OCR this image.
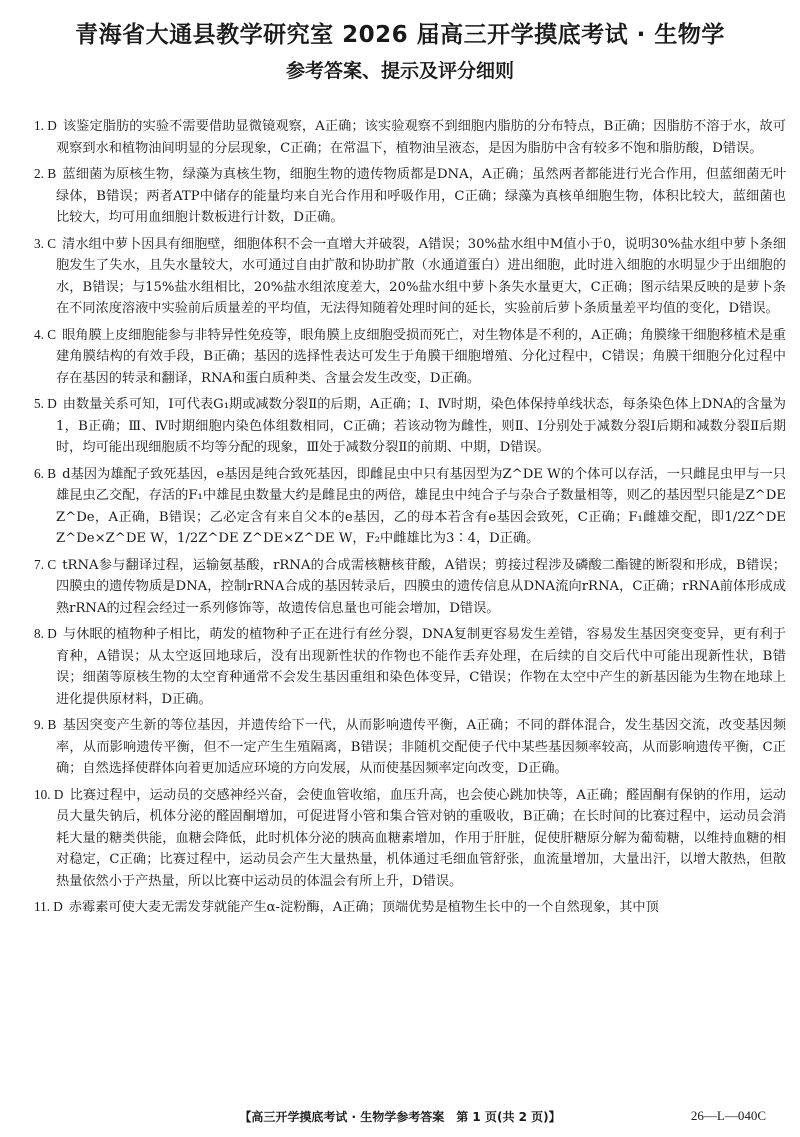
青海省大通县教学研究室 2026 届高三开学摸底考试 · 生物学
参考答案、提示及评分细则

1. D 该鉴定脂肪的实验不需要借助显微镜观察，A正确；该实验观察不到细胞内脂肪的分布特点，B正确；因脂肪不溶于水，故可观察到水和植物油间明显的分层现象，C正确；在常温下，植物油呈液态，是因为脂肪中含有较多不饱和脂肪酸，D错误。

2. B 蓝细菌为原核生物，绿藻为真核生物，细胞生物的遗传物质都是DNA，A正确；虽然两者都能进行光合作用，但蓝细菌无叶绿体，B错误；两者ATP中储存的能量均来自光合作用和呼吸作用，C正确；绿藻为真核单细胞生物，体积比较大，蓝细菌也比较大，均可用血细胞计数板进行计数，D正确。

3. C 清水组中萝卜因具有细胞壁，细胞体积不会一直增大并破裂，A错误；30%盐水组中M值小于0，说明30%盐水组中萝卜条细胞发生了失水，且失水量较大，水可通过自由扩散和协助扩散（水通道蛋白）进出细胞，此时进入细胞的水明显少于出细胞的水，B错误；与15%盐水组相比，20%盐水组浓度差大，20%盐水组中萝卜条失水量更大，C正确；图示结果反映的是萝卜条在不同浓度溶液中实验前后质量差的平均值，无法得知随着处理时间的延长，实验前后萝卜条质量差平均值的变化，D错误。

4. C 眼角膜上皮细胞能参与非特异性免疫等，眼角膜上皮细胞受损而死亡，对生物体是不利的，A正确；角膜缘干细胞移植术是重建角膜结构的有效手段，B正确；基因的选择性表达可发生于角膜干细胞增殖、分化过程中，C错误；角膜干细胞分化过程中存在基因的转录和翻译，RNA和蛋白质种类、含量会发生改变，D正确。

5. D 由数量关系可知，Ⅰ可代表G₁期或减数分裂Ⅱ的后期，A正确；Ⅰ、Ⅳ时期，染色体保持单线状态，每条染色体上DNA的含量为1，B正确；Ⅲ、Ⅳ时期细胞内染色体组数相同，C正确；若该动物为雌性，则Ⅱ、Ⅰ分别处于减数分裂Ⅰ后期和减数分裂Ⅱ后期时，均可能出现细胞质不均等分配的现象，Ⅲ处于减数分裂Ⅱ的前期、中期，D错误。

6. B d基因为雄配子致死基因，e基因是纯合致死基因，即雌昆虫中只有基因型为Z^DE W的个体可以存活，一只雌昆虫甲与一只雄昆虫乙交配，存活的F₁中雄昆虫数量大约是雌昆虫的两倍，雄昆虫中纯合子与杂合子数量相等，则乙的基因型只能是Z^DE Z^De，A正确，B错误；乙必定含有来自父本的e基因，乙的母本若含有e基因会致死，C正确；F₁雌雄交配，即1/2Z^DE Z^De×Z^DE W，1/2Z^DE Z^DE×Z^DE W，F₂中雌雄比为3∶4，D正确。

7. C tRNA参与翻译过程，运输氨基酸，rRNA的合成需核糖核苷酸，A错误；剪接过程涉及磷酸二酯键的断裂和形成，B错误；四膜虫的遗传物质是DNA，控制rRNA合成的基因转录后，四膜虫的遗传信息从DNA流向rRNA，C正确；rRNA前体形成成熟rRNA的过程会经过一系列修饰等，故遗传信息量也可能会增加，D错误。

8. D 与休眠的植物种子相比，萌发的植物种子正在进行有丝分裂，DNA复制更容易发生差错，容易发生基因突变变异，更有利于育种，A错误；从太空返回地球后，没有出现新性状的作物也不能作丢弃处理，在后续的自交后代中可能出现新性状，B错误；细菌等原核生物的太空育种通常不会发生基因重组和染色体变异，C错误；作物在太空中产生的新基因能为生物在地球上进化提供原材料，D正确。

9. B 基因突变产生新的等位基因，并遗传给下一代，从而影响遗传平衡，A正确；不同的群体混合，发生基因交流，改变基因频率，从而影响遗传平衡，但不一定产生生殖隔离，B错误；非随机交配使子代中某些基因频率较高，从而影响遗传平衡，C正确；自然选择使群体向着更加适应环境的方向发展，从而使基因频率定向改变，D正确。

10. D 比赛过程中，运动员的交感神经兴奋，会使血管收缩，血压升高，也会使心跳加快等，A正确；醛固酮有保钠的作用，运动员大量失钠后，机体分泌的醛固酮增加，可促进肾小管和集合管对钠的重吸收，B正确；在长时间的比赛过程中，运动员会消耗大量的糖类供能，血糖会降低，此时机体分泌的胰高血糖素增加，作用于肝脏，促使肝糖原分解为葡萄糖，以维持血糖的相对稳定，C正确；比赛过程中，运动员会产生大量热量，机体通过毛细血管舒张，血流量增加，大量出汗，以增大散热，但散热量依然小于产热量，所以比赛中运动员的体温会有所上升，D错误。

11. D 赤霉素可使大麦无需发芽就能产生α-淀粉酶，A正确；顶端优势是植物生长中的一个自然现象，其中顶

【高三开学摸底考试 · 生物学参考答案　第 1 页(共 2 页)】	26—L—040C
